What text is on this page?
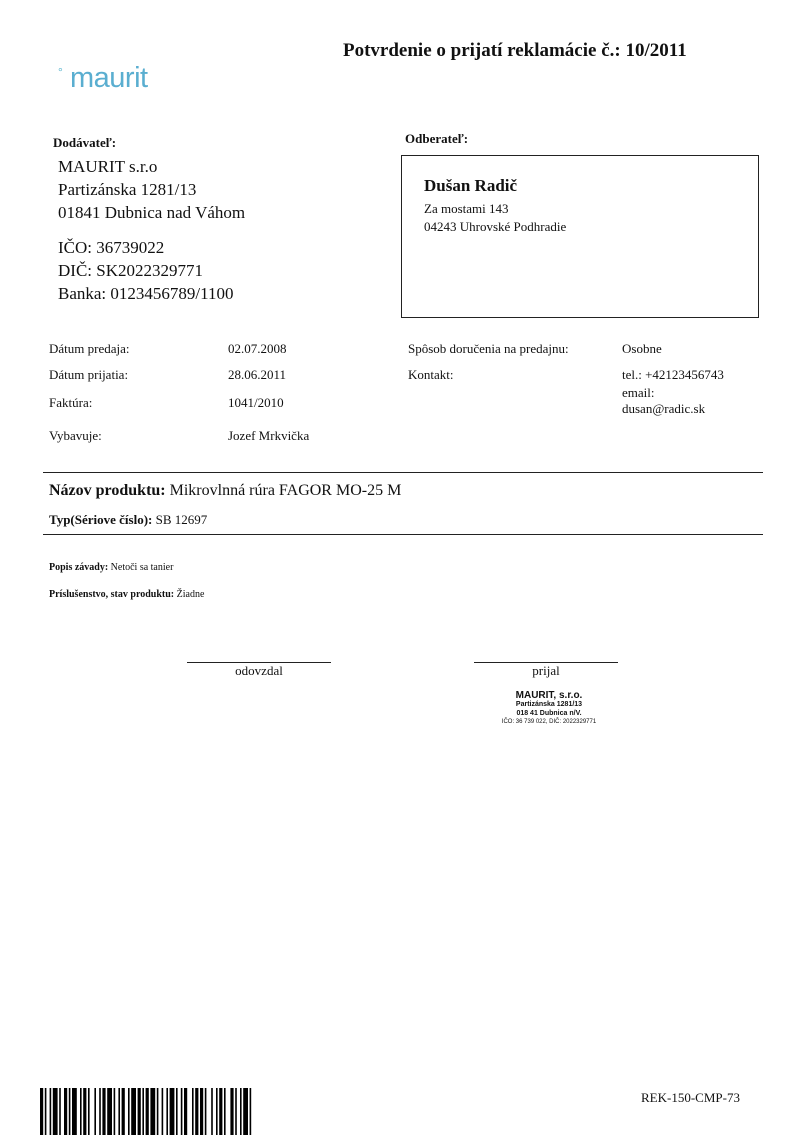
Potvrdenie o prijatí reklamácie č.: 10/2011
° maurit
Dodávateľ:
MAURIT s.r.o
Partizánska 1281/13
01841 Dubnica nad Váhom
IČO: 36739022
DIČ: SK2022329771
Banka: 0123456789/1100
Odberateľ:
Dušan Radič
Za mostami 143
04243 Uhrovské Podhradie
Dátum predaja:	02.07.2008
Dátum prijatia:	28.06.2011
Faktúra:	1041/2010
Vybavuje:	Jozef Mrkvička
Spôsob doručenia na predajnu:	Osobne
Kontakt:	tel.: +42123456743
email:
dusan@radic.sk
Názov produktu: Mikrovlnná rúra FAGOR MO-25 M
Typ(Sériove číslo): SB 12697
Popis závady: Netoči sa tanier
Príslušenstvo, stav produktu: Žiadne
odovzdal	prijal
MAURIT, s.r.o.
Partizánska 1281/13
018 41 Dubnica n/V.
IČO: 36 739 022, DIČ: 2022329771
REK-150-CMP-73
